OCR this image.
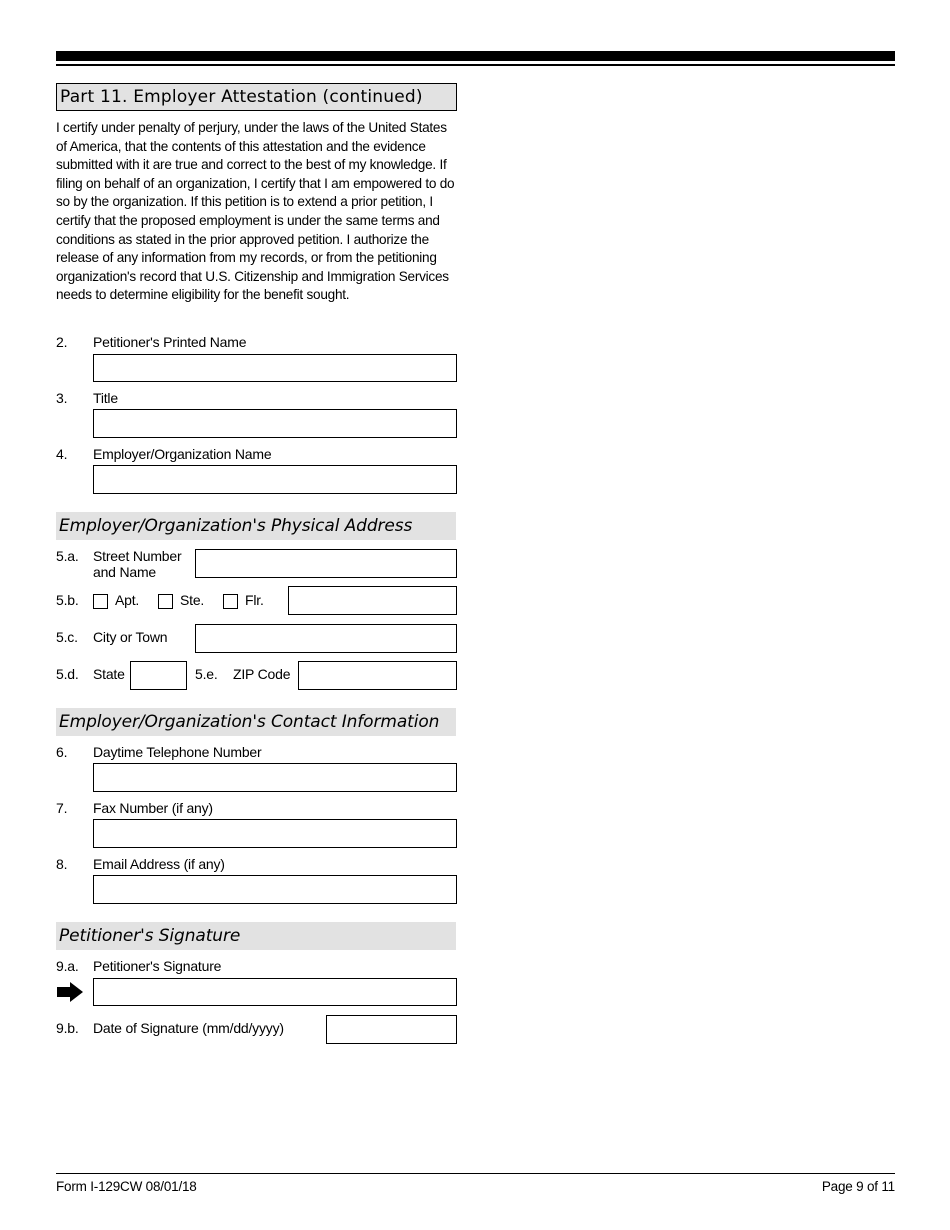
Part 11. Employer Attestation (continued)
I certify under penalty of perjury, under the laws of the United States of America, that the contents of this attestation and the evidence submitted with it are true and correct to the best of my knowledge. If filing on behalf of an organization, I certify that I am empowered to do so by the organization. If this petition is to extend a prior petition, I certify that the proposed employment is under the same terms and conditions as stated in the prior approved petition. I authorize the release of any information from my records, or from the petitioning organization's record that U.S. Citizenship and Immigration Services needs to determine eligibility for the benefit sought.
2. Petitioner's Printed Name
3. Title
4. Employer/Organization Name
Employer/Organization's Physical Address
5.a. Street Number
and Name
5.b.	Apt.	Ste.	Flr.
5.c. City or Town
5.d. State	5.e. ZIP Code
Employer/Organization's Contact Information
6. Daytime Telephone Number
7. Fax Number (if any)
8. Email Address (if any)
Petitioner's Signature
9.a. Petitioner's Signature
9.b. Date of Signature (mm/dd/yyyy)
Form I-129CW 08/01/18	Page 9 of 11
